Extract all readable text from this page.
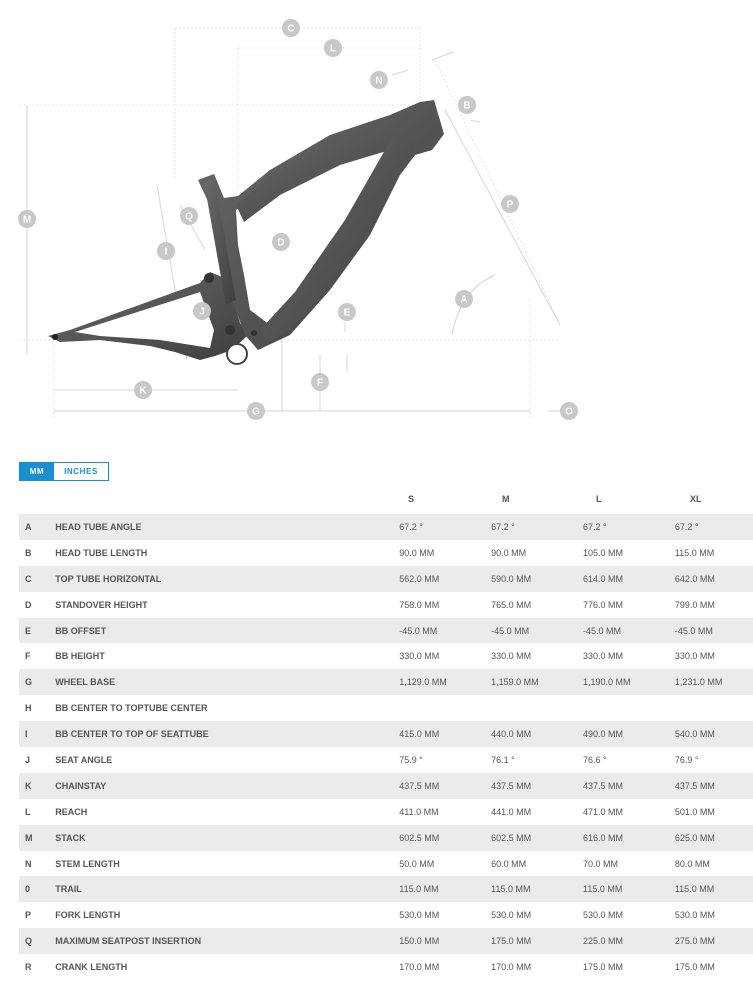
C
L
N
B
M	Q
I
D
P
J
A
E
F
K
G	O
MM	INCHES
S	M	L	XL
A	HEAD TUBE ANGLE	67.2 °	67.2 °	67.2 °	67.2 °
B	HEAD TUBE LENGTH	90.0 MM	90.0 MM	105.0 MM	115.0 MM
C	TOP TUBE HORIZONTAL	562.0 MM	590.0 MM	614.0 MM	642.0 MM
D	STANDOVER HEIGHT	758.0 MM	765.0 MM	776.0 MM	799.0 MM
E	BB OFFSET	-45.0 MM	-45.0 MM	-45.0 MM	-45.0 MM
F	BB HEIGHT	330.0 MM	330.0 MM	330.0 MM	330.0 MM
G	WHEEL BASE	1,129.0 MM	1,159.0 MM	1,190.0 MM	1,231.0 MM
H	BB CENTER TO TOPTUBE CENTER
I	BB CENTER TO TOP OF SEATTUBE	415.0 MM	440.0 MM	490.0 MM	540.0 MM
J	SEAT ANGLE	75.9 °	76.1 °	76.6 °	76.9 °
K	CHAINSTAY	437.5 MM	437.5 MM	437.5 MM	437.5 MM
L	REACH	411.0 MM	441.0 MM	471.0 MM	501.0 MM
M	STACK	602.5 MM	602.5 MM	616.0 MM	625.0 MM
N	STEM LENGTH	50.0 MM	60.0 MM	70.0 MM	80.0 MM
0	TRAIL	115.0 MM	115.0 MM	115.0 MM	115.0 MM
P	FORK LENGTH	530.0 MM	530.0 MM	530.0 MM	530.0 MM
Q	MAXIMUM SEATPOST INSERTION	150.0 MM	175.0 MM	225.0 MM	275.0 MM
R	CRANK LENGTH	170.0 MM	170.0 MM	175.0 MM	175.0 MM
